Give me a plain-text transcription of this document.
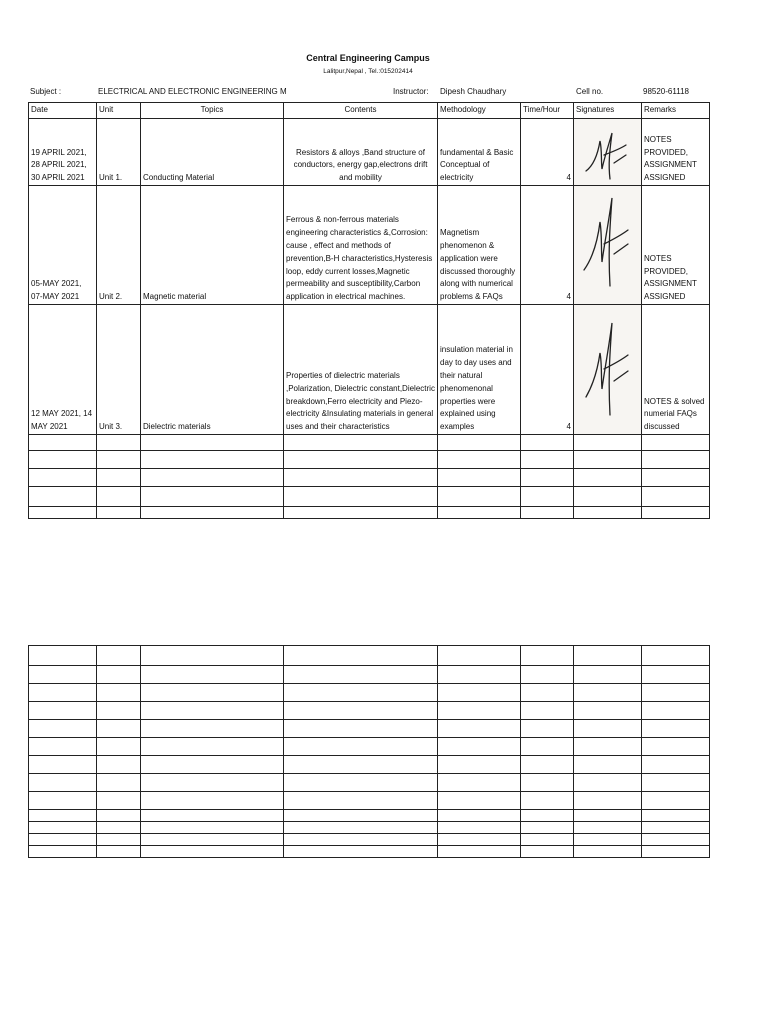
Central Engineering Campus
Lalitpur,Nepal , Tel.:015202414
Subject :	ELECTRICAL AND ELECTRONIC ENGINEERING M	Instructor: Dipesh Chaudhary	Cell no.	98520-61118
Date	Unit	Topics	Contents	Methodology	Time/Hour	Signatures	Remarks
19 APRIL 2021, 28 APRIL 2021, 30 APRIL 2021	Unit 1.	Conducting Material	Resistors & alloys ,Band structure of conductors, energy gap,electrons drift and mobility	fundamental & Basic Conceptual of electricity	4		NOTES PROVIDED, ASSIGNMENT ASSIGNED
05-MAY 2021, 07-MAY 2021	Unit 2.	Magnetic material	Ferrous & non-ferrous materials engineering characteristics &,Corrosion: cause , effect and methods of prevention,B-H characteristics,Hysteresis loop, eddy current losses,Magnetic permeability and susceptibility,Carbon application in electrical machines.	Magnetism phenomenon & application were discussed thoroughly along with numerical problems & FAQs	4		NOTES PROVIDED, ASSIGNMENT ASSIGNED
12 MAY 2021, 14 MAY 2021	Unit 3.	Dielectric materials	Properties of dielectric materials ,Polarization, Dielectric constant,Dielectric breakdown,Ferro electricity and Piezo-electricity &Insulating materials in general uses and their characteristics	insulation material in day to day uses and their natural phenomenonal properties were explained using examples	4		NOTES & solved numerial FAQs discussed
